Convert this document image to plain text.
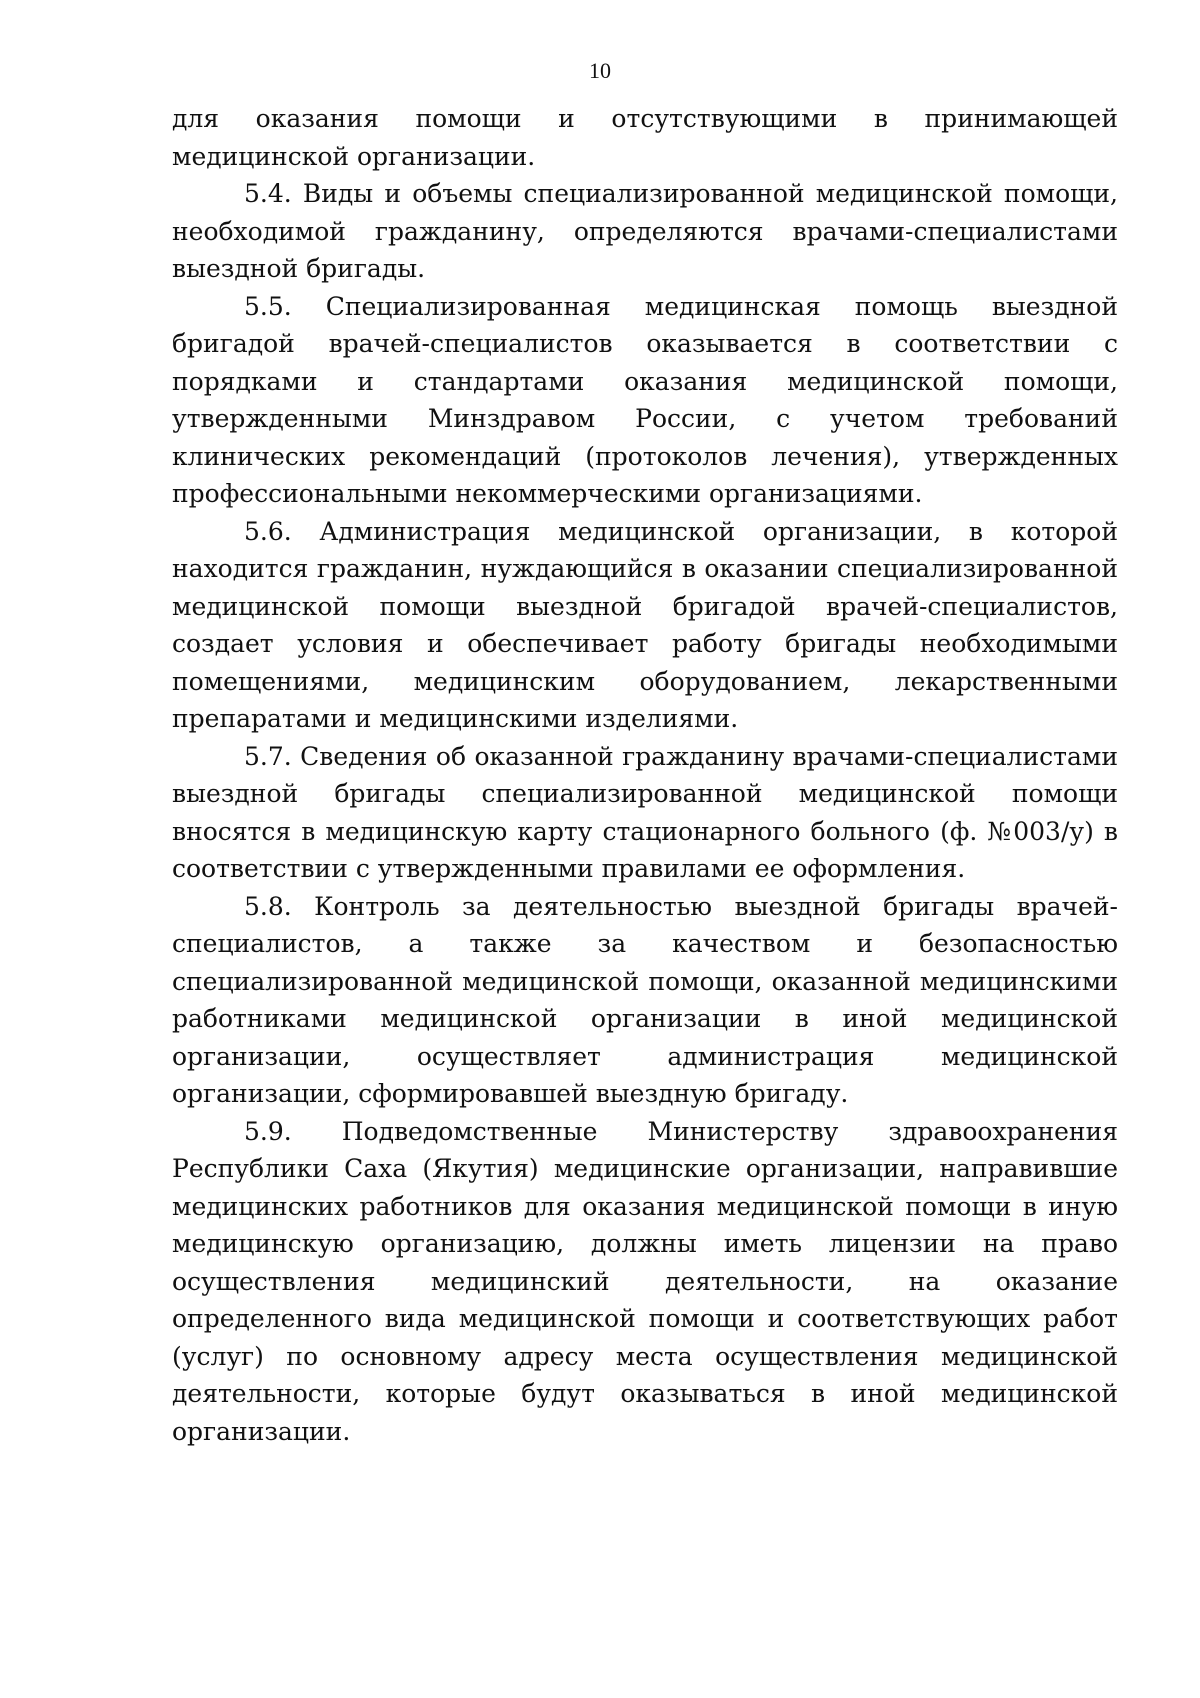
10

для оказания помощи и отсутствующими в принимающей медицинской организации.

5.4. Виды и объемы специализированной медицинской помощи, необходимой гражданину, определяются врачами-специалистами выездной бригады.

5.5. Специализированная медицинская помощь выездной бригадой врачей-специалистов оказывается в соответствии с порядками и стандартами оказания медицинской помощи, утвержденными Минздравом России, с учетом требований клинических рекомендаций (протоколов лечения), утвержденных профессиональными некоммерческими организациями.

5.6. Администрация медицинской организации, в которой находится гражданин, нуждающийся в оказании специализированной медицинской помощи выездной бригадой врачей-специалистов, создает условия и обеспечивает работу бригады необходимыми помещениями, медицинским оборудованием, лекарственными препаратами и медицинскими изделиями.

5.7. Сведения об оказанной гражданину врачами-специалистами выездной бригады специализированной медицинской помощи вносятся в медицинскую карту стационарного больного (ф. №003/у) в соответствии с утвержденными правилами ее оформления.

5.8. Контроль за деятельностью выездной бригады врачей-специалистов, а также за качеством и безопасностью специализированной медицинской помощи, оказанной медицинскими работниками медицинской организации в иной медицинской организации, осуществляет администрация медицинской организации, сформировавшей выездную бригаду.

5.9. Подведомственные Министерству здравоохранения Республики Саха (Якутия) медицинские организации, направившие медицинских работников для оказания медицинской помощи в иную медицинскую организацию, должны иметь лицензии на право осуществления медицинский деятельности, на оказание определенного вида медицинской помощи и соответствующих работ (услуг) по основному адресу места осуществления медицинской деятельности, которые будут оказываться в иной медицинской организации.
